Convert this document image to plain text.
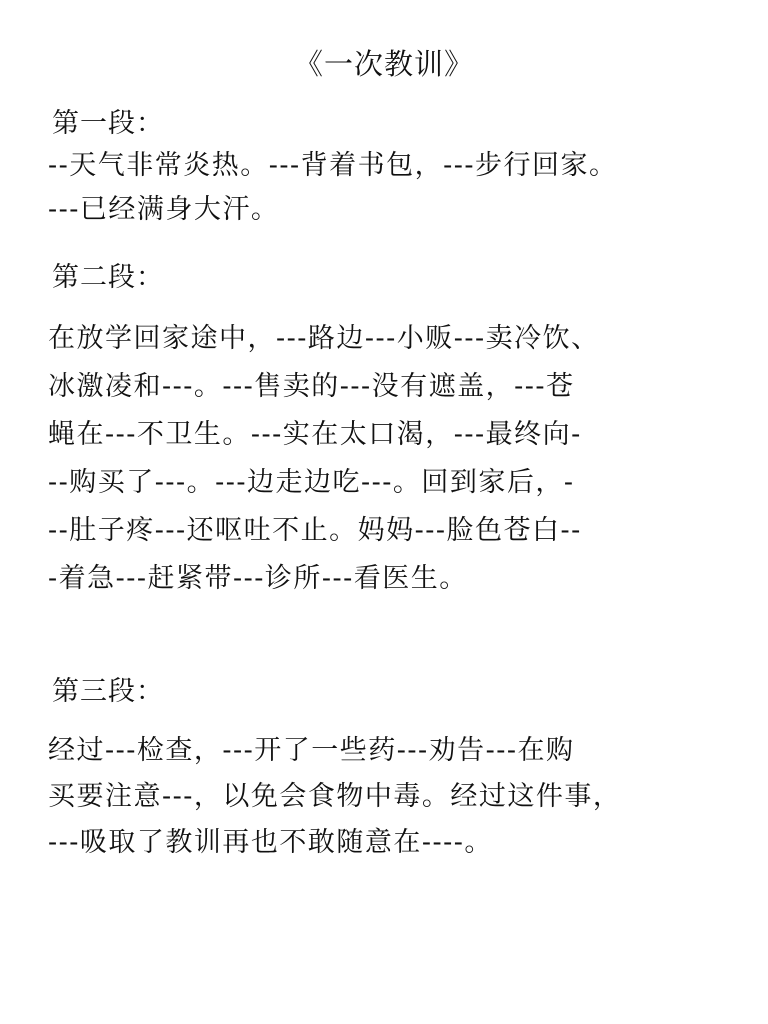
《一次教训》
第一段：
--天气非常炎热。---背着书包，---步行回家。
---已经满身大汗。
第二段：
在放学回家途中，---路边---小贩---卖冷饮、
冰激凌和---。---售卖的---没有遮盖，---苍
蝇在---不卫生。---实在太口渴，---最终向-
--购买了---。---边走边吃---。回到家后，-
--肚子疼---还呕吐不止。妈妈---脸色苍白--
-着急---赶紧带---诊所---看医生。
第三段：
经过---检查，---开了一些药---劝告---在购
买要注意---，以免会食物中毒。经过这件事，
---吸取了教训再也不敢随意在----。
